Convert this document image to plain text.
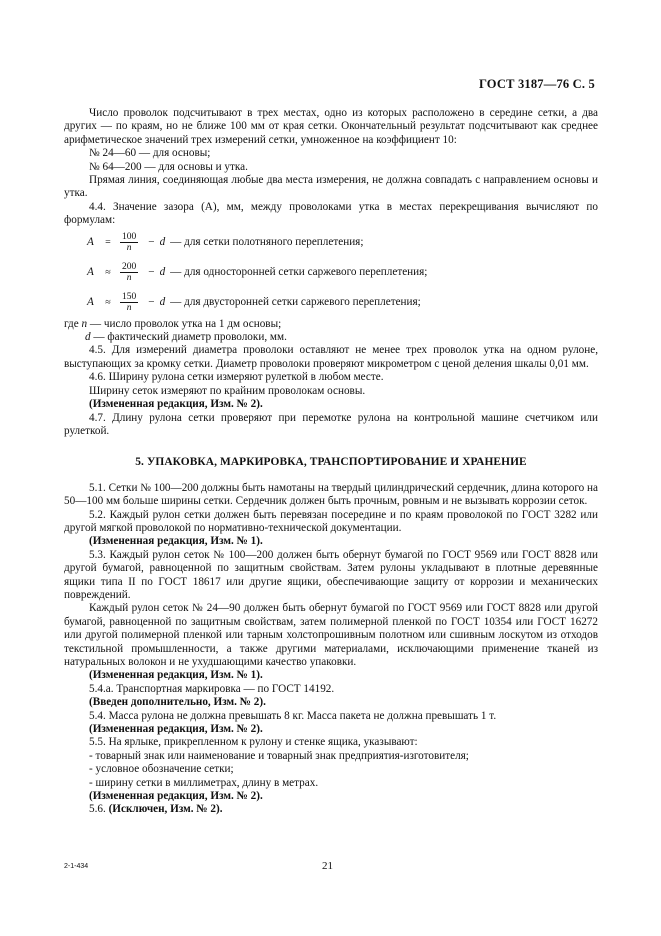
ГОСТ 3187—76 С. 5

Число проволок подсчитывают в трех местах, одно из которых расположено в середине сетки, а два других — по краям, но не ближе 100 мм от края сетки. Окончательный результат подсчитывают как среднее арифметическое значений трех измерений сетки, умноженное на коэффициент 10:

№ 24—60 — для основы;

№ 64—200 — для основы и утка.

Прямая линия, соединяющая любые два места измерения, не должна совпадать с направлением основы и утка.

4.4. Значение зазора (A), мм, между проволоками утка в местах перекрещивания вычисляют по формулам:

A	= $\frac{100}{n} - d$ — для сетки полотняного переплетения;
A	≈ $\frac{200}{n} - d$ — для односторонней сетки саржевого переплетения;
A	≈ $\frac{150}{n} - d$ — для двусторонней сетки саржевого переплетения;

где n — число проволок утка на 1 дм основы;

d — фактический диаметр проволоки, мм.

4.5. Для измерений диаметра проволоки оставляют не менее трех проволок утка на одном рулоне, выступающих за кромку сетки. Диаметр проволоки проверяют микрометром с ценой деления шкалы 0,01 мм.

4.6. Ширину рулона сетки измеряют рулеткой в любом месте.

Ширину сеток измеряют по крайним проволокам основы.

(Измененная редакция, Изм. № 2).

4.7. Длину рулона сетки проверяют при перемотке рулона на контрольной машине счетчиком или рулеткой.

5. УПАКОВКА, МАРКИРОВКА, ТРАНСПОРТИРОВАНИЕ И ХРАНЕНИЕ

5.1. Сетки № 100—200 должны быть намотаны на твердый цилиндрический сердечник, длина которого на 50—100 мм больше ширины сетки. Сердечник должен быть прочным, ровным и не вызывать коррозии сеток.

5.2. Каждый рулон сетки должен быть перевязан посередине и по краям проволокой по ГОСТ 3282 или другой мягкой проволокой по нормативно-технической документации.

(Измененная редакция, Изм. № 1).

5.3. Каждый рулон сеток № 100—200 должен быть обернут бумагой по ГОСТ 9569 или ГОСТ 8828 или другой бумагой, равноценной по защитным свойствам. Затем рулоны укладывают в плотные деревянные ящики типа II по ГОСТ 18617 или другие ящики, обеспечивающие защиту от коррозии и механических повреждений.

Каждый рулон сеток № 24—90 должен быть обернут бумагой по ГОСТ 9569 или ГОСТ 8828 или другой бумагой, равноценной по защитным свойствам, затем полимерной пленкой по ГОСТ 10354 или ГОСТ 16272 или другой полимерной пленкой или тарным холстопрошивным полотном или сшивным лоскутом из отходов текстильной промышленности, а также другими материалами, исключающими применение тканей из натуральных волокон и не ухудшающими качество упаковки.

(Измененная редакция, Изм. № 1).

5.4.а. Транспортная маркировка — по ГОСТ 14192.

(Введен дополнительно, Изм. № 2).

5.4. Масса рулона не должна превышать 8 кг. Масса пакета не должна превышать 1 т.

(Измененная редакция, Изм. № 2).

5.5. На ярлыке, прикрепленном к рулону и стенке ящика, указывают:

- товарный знак или наименование и товарный знак предприятия-изготовителя;

- условное обозначение сетки;

- ширину сетки в миллиметрах, длину в метрах.

(Измененная редакция, Изм. № 2).

5.6. (Исключен, Изм. № 2).

2-1-434	21
